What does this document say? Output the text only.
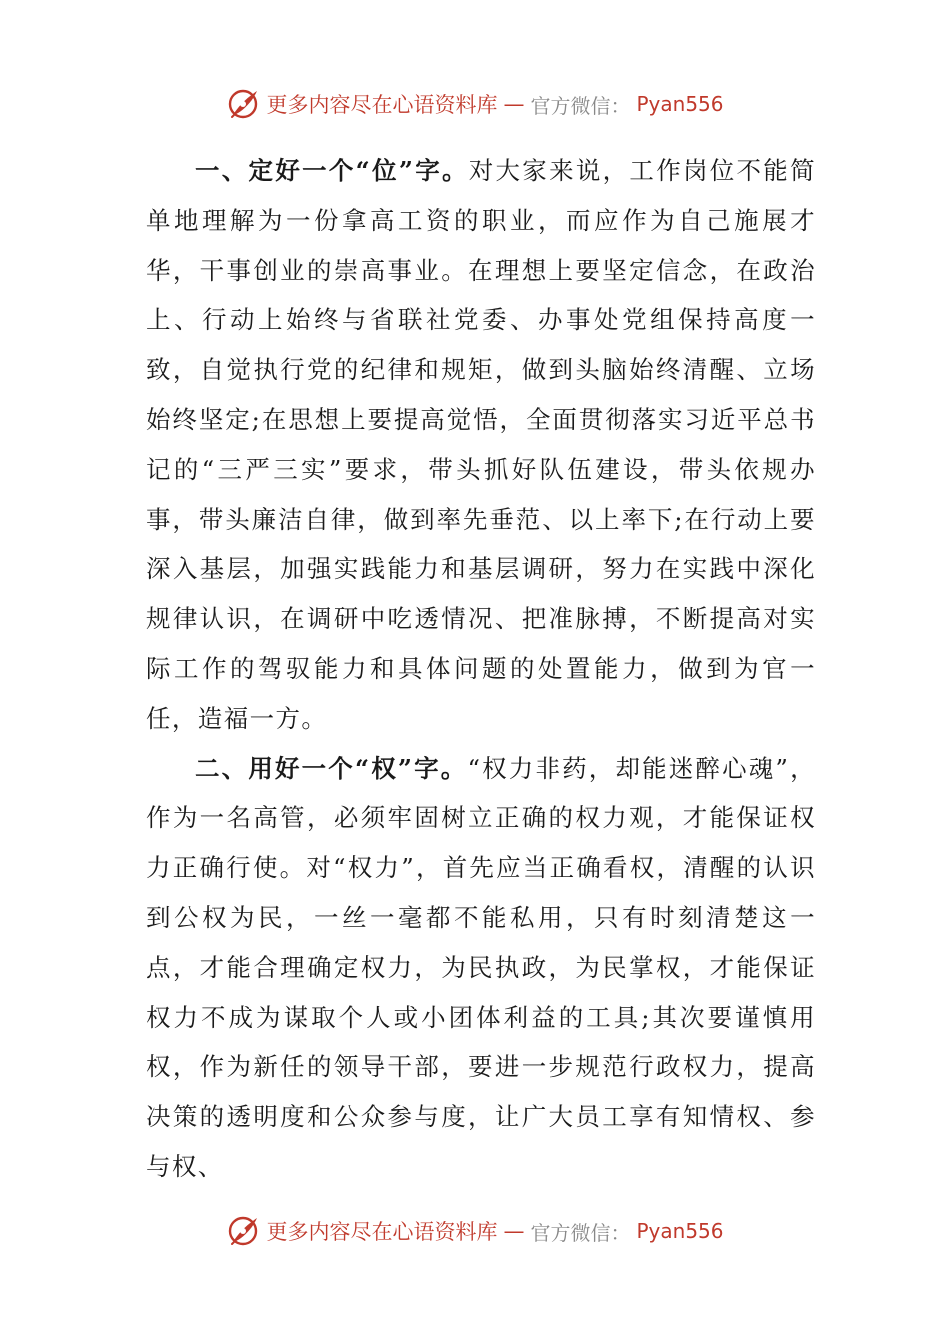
更多内容尽在心语资料库 — 官方微信： Pyan556

一、定好一个“位”字。对大家来说，工作岗位不能简单地理解为一份拿高工资的职业，而应作为自己施展才华，干事创业的崇高事业。在理想上要坚定信念，在政治上、行动上始终与省联社党委、办事处党组保持高度一致，自觉执行党的纪律和规矩，做到头脑始终清醒、立场始终坚定;在思想上要提高觉悟，全面贯彻落实习近平总书记的“三严三实”要求，带头抓好队伍建设，带头依规办事，带头廉洁自律，做到率先垂范、以上率下;在行动上要深入基层，加强实践能力和基层调研，努力在实践中深化规律认识，在调研中吃透情况、把准脉搏，不断提高对实际工作的驾驭能力和具体问题的处置能力，做到为官一任，造福一方。

二、用好一个“权”字。“权力非药，却能迷醉心魂”，作为一名高管，必须牢固树立正确的权力观，才能保证权力正确行使。对“权力”，首先应当正确看权，清醒的认识到公权为民，一丝一毫都不能私用，只有时刻清楚这一点，才能合理确定权力，为民执政，为民掌权，才能保证权力不成为谋取个人或小团体利益的工具;其次要谨慎用权，作为新任的领导干部，要进一步规范行政权力，提高决策的透明度和公众参与度，让广大员工享有知情权、参与权、

更多内容尽在心语资料库 — 官方微信： Pyan556
